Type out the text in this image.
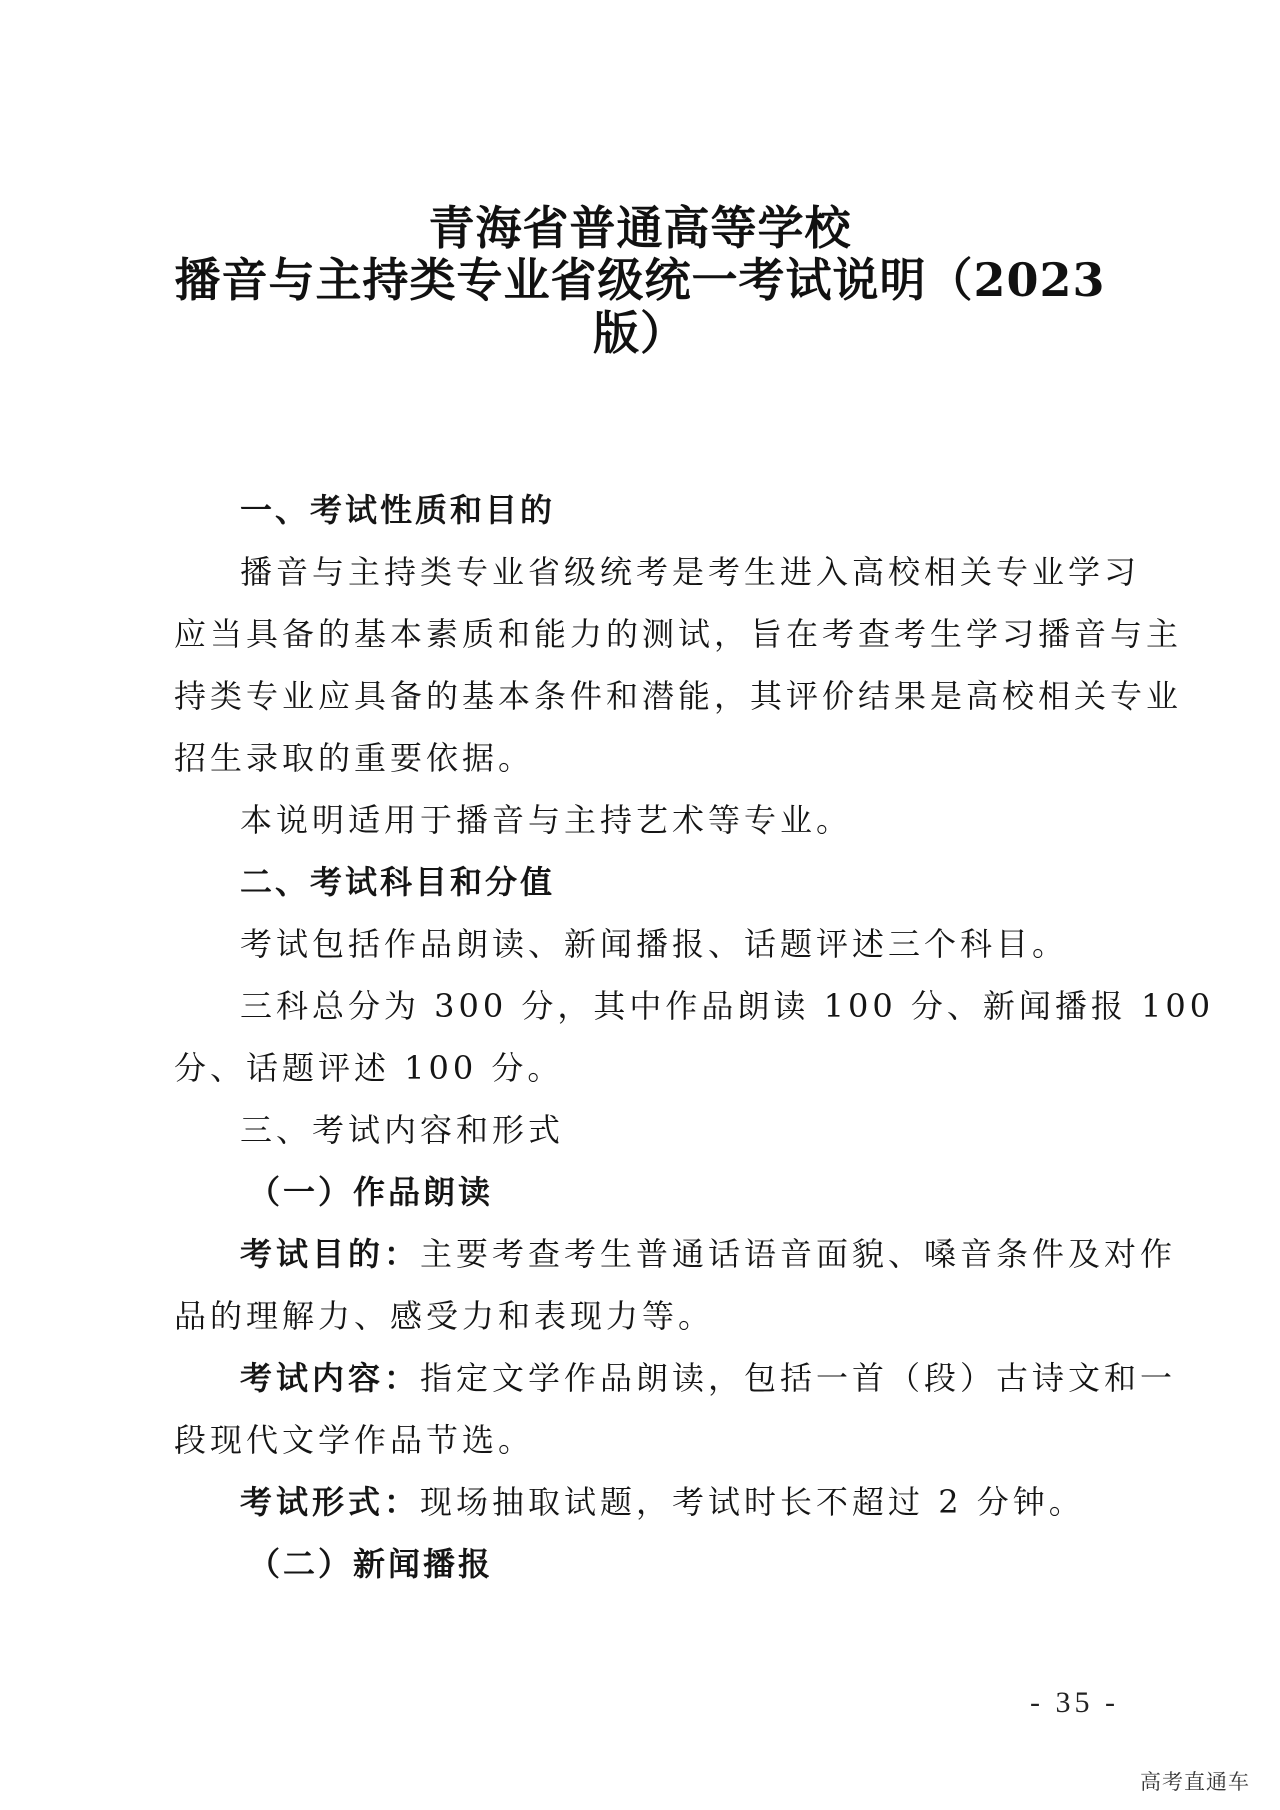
青海省普通高等学校
播音与主持类专业省级统一考试说明（2023
版）
一、考试性质和目的
播音与主持类专业省级统考是考生进入高校相关专业学习
应当具备的基本素质和能力的测试，旨在考查考生学习播音与主
持类专业应具备的基本条件和潜能，其评价结果是高校相关专业
招生录取的重要依据。
本说明适用于播音与主持艺术等专业。
二、考试科目和分值
考试包括作品朗读、新闻播报、话题评述三个科目。
三科总分为 300 分，其中作品朗读 100 分、新闻播报 100
分、话题评述 100 分。
三、考试内容和形式
（一）作品朗读
考试目的：主要考查考生普通话语音面貌、嗓音条件及对作
品的理解力、感受力和表现力等。
考试内容：指定文学作品朗读，包括一首（段）古诗文和一
段现代文学作品节选。
考试形式：现场抽取试题，考试时长不超过 2 分钟。
（二）新闻播报
- 35 -
高考直通车
